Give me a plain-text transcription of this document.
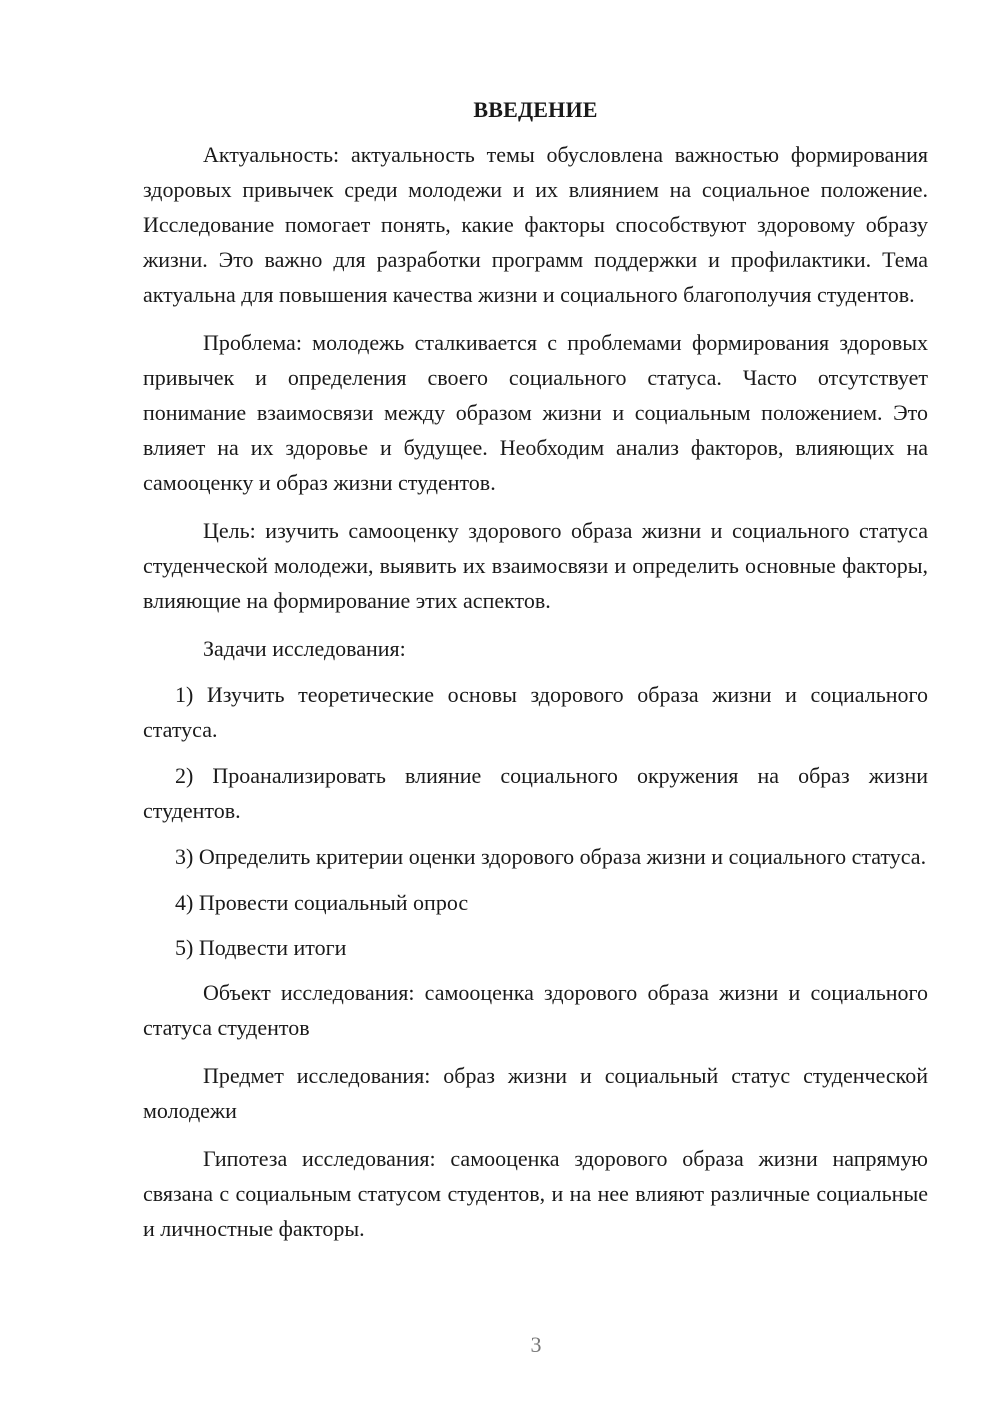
ВВЕДЕНИЕ

Актуальность: актуальность темы обусловлена важностью формирования здоровых привычек среди молодежи и их влиянием на социальное положение. Исследование помогает понять, какие факторы способствуют здоровому образу жизни. Это важно для разработки программ поддержки и профилактики. Тема актуальна для повышения качества жизни и социального благополучия студентов.

Проблема: молодежь сталкивается с проблемами формирования здоровых привычек и определения своего социального статуса. Часто отсутствует понимание взаимосвязи между образом жизни и социальным положением. Это влияет на их здоровье и будущее. Необходим анализ факторов, влияющих на самооценку и образ жизни студентов.

Цель: изучить самооценку здорового образа жизни и социального статуса студенческой молодежи, выявить их взаимосвязи и определить основные факторы, влияющие на формирование этих аспектов.

Задачи исследования:

1) Изучить теоретические основы здорового образа жизни и социального статуса.

2) Проанализировать влияние социального окружения на образ жизни студентов.

3) Определить критерии оценки здорового образа жизни и социального статуса.

4) Провести социальный опрос

5) Подвести итоги

Объект исследования: самооценка здорового образа жизни и социального статуса студентов

Предмет исследования: образ жизни и социальный статус студенческой молодежи

Гипотеза исследования: самооценка здорового образа жизни напрямую связана с социальным статусом студентов, и на нее влияют различные социальные и личностные факторы.

3
